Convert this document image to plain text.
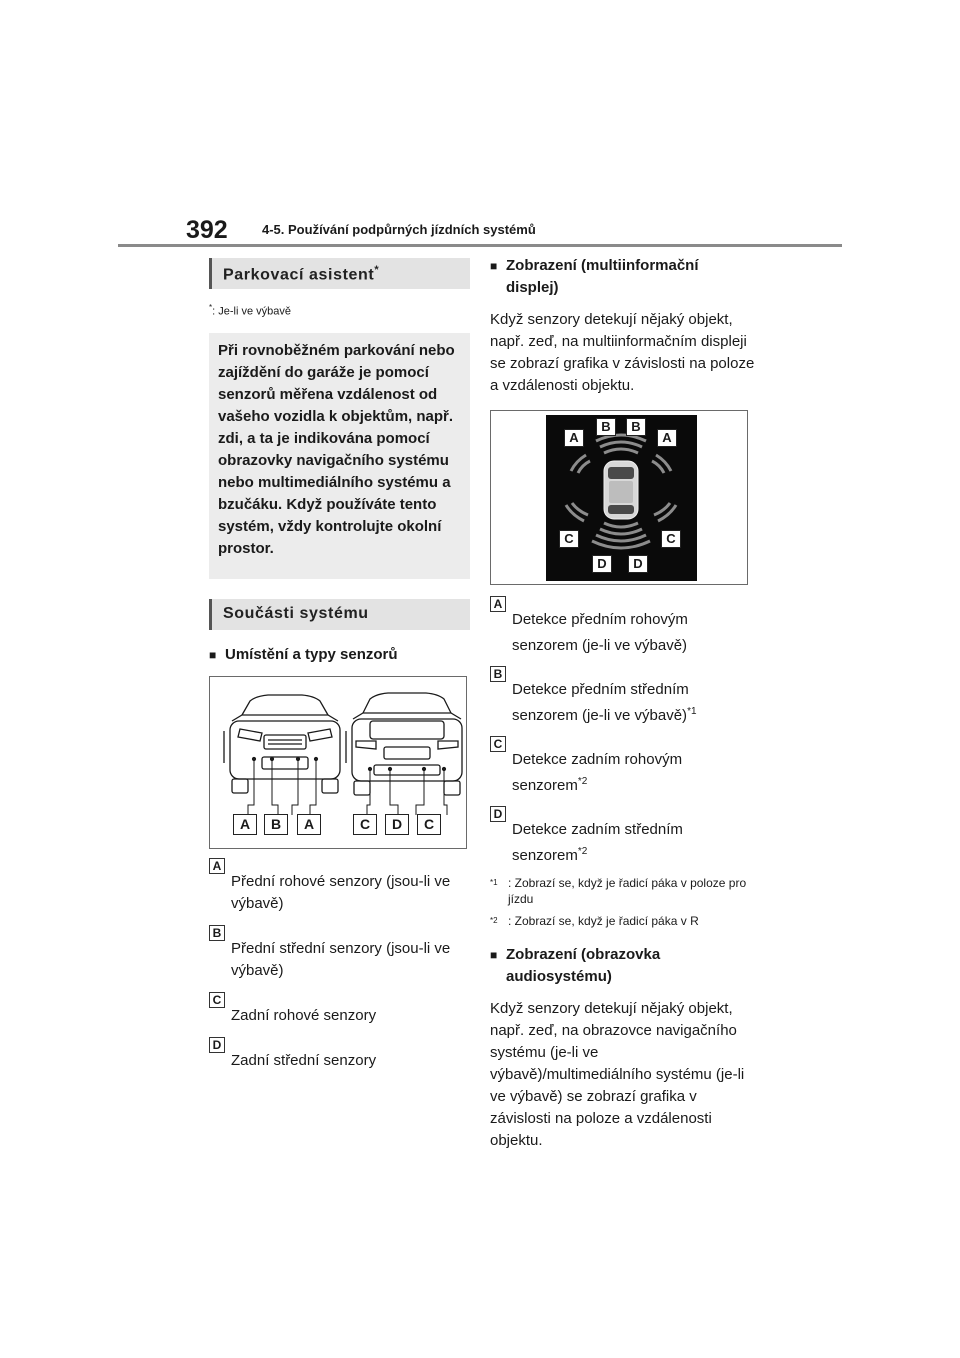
392	4-5. Používání podpůrných jízdních systémů
Parkovací asistent*
*: Je-li ve výbavě
Při rovnoběžném parkování nebo zajíždění do garáže je pomocí senzorů měřena vzdálenost od vašeho vozidla k objektům, např. zdi, a ta je indikována pomocí obrazovky navigačního systému nebo multimediálního systému a bzučáku. Když používáte tento systém, vždy kontrolujte okolní prostor.
Součásti systému
■ Umístění a typy senzorů
A	B	A	C	D	C
A
Přední rohové senzory (jsou-li ve výbavě)
B
Přední střední senzory (jsou-li ve výbavě)
C
Zadní rohové senzory
D
Zadní střední senzory
■ Zobrazení (multiinformační displej)
Když senzory detekují nějaký objekt, např. zeď, na multiinformačním displeji se zobrazí grafika v závislosti na poloze a vzdálenosti objektu.
A
B	B
A
C	C
D	D
A
Detekce předním rohovým senzorem (je-li ve výbavě)
B
Detekce předním středním senzorem (je-li ve výbavě)$^{*1}$
C
Detekce zadním rohovým senzorem$^{*2}$
D
Detekce zadním středním senzorem$^{*2}$
$^{*1}$ : Zobrazí se, když je řadicí páka v poloze pro jízdu
$^{*2}$ : Zobrazí se, když je řadicí páka v R
■ Zobrazení (obrazovka audiosystému)
Když senzory detekují nějaký objekt, např. zeď, na obrazovce navigačního systému (je-li ve výbavě)/multimediálního systému (je-li ve výbavě) se zobrazí grafika v závislosti na poloze a vzdálenosti objektu.
